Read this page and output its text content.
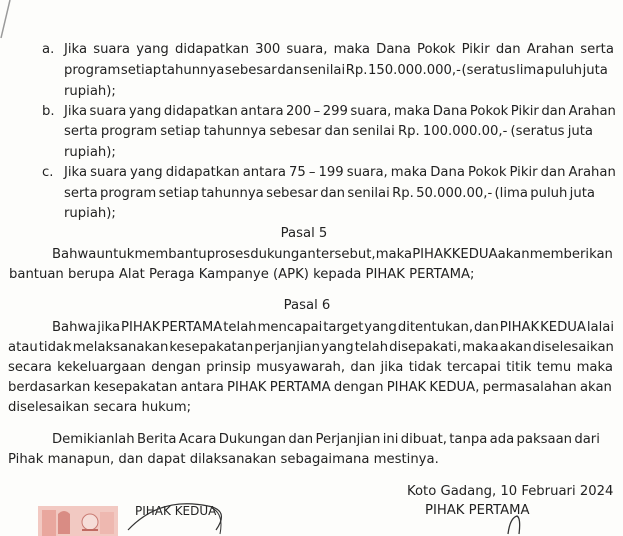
a. Jika suara yang didapatkan 300 suara, maka Dana Pokok Pikir dan Arahan serta
program setiap tahunnya sebesar dan senilai Rp. 150.000.000,- (seratus lima puluh juta
rupiah);
b. Jika suara yang didapatkan antara 200 – 299 suara, maka Dana Pokok Pikir dan Arahan
serta program setiap tahunnya sebesar dan senilai Rp. 100.000.00,- (seratus juta
rupiah);
c. Jika suara yang didapatkan antara 75 – 199 suara, maka Dana Pokok Pikir dan Arahan
serta program setiap tahunnya sebesar dan senilai Rp. 50.000.00,- (lima puluh juta
rupiah);
Pasal 5
Bahwa untuk membantu proses dukungan tersebut, maka PIHAK KEDUA akan memberikan
bantuan berupa Alat Peraga Kampanye (APK) kepada PIHAK PERTAMA;
Pasal 6
Bahwa jika PIHAK PERTAMA telah mencapai target yang ditentukan, dan PIHAK KEDUA lalai
atau tidak melaksanakan kesepakatan perjanjian yang telah disepakati, maka akan diselesaikan
secara kekeluargaan dengan prinsip musyawarah, dan jika tidak tercapai titik temu maka
berdasarkan kesepakatan antara PIHAK PERTAMA dengan PIHAK KEDUA, permasalahan akan
diselesaikan secara hukum;
Demikianlah Berita Acara Dukungan dan Perjanjian ini dibuat, tanpa ada paksaan dari
Pihak manapun, dan dapat dilaksanakan sebagaimana mestinya.
Koto Gadang, 10 Februari 2024
PIHAK PERTAMA
PIHAK KEDUA
